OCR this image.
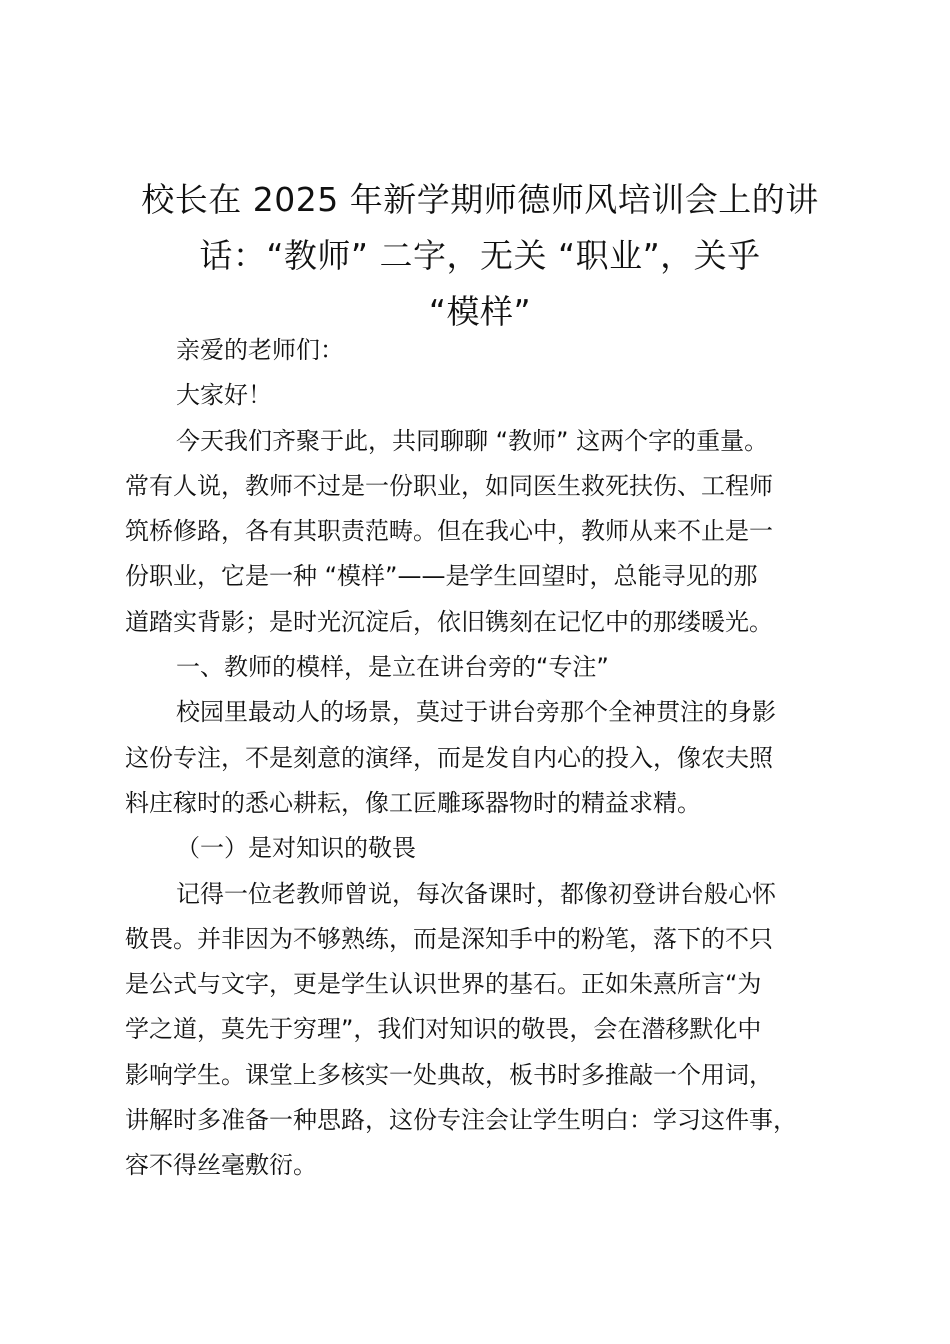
校长在 2025 年新学期师德师风培训会上的讲
话：“教师” 二字，无关 “职业”，关乎
“模样”
亲爱的老师们：
大家好！
今天我们齐聚于此，共同聊聊 “教师” 这两个字的重量。
常有人说，教师不过是一份职业，如同医生救死扶伤、工程师
筑桥修路，各有其职责范畴。但在我心中，教师从来不止是一
份职业，它是一种 “模样”——是学生回望时，总能寻见的那
道踏实背影；是时光沉淀后，依旧镌刻在记忆中的那缕暖光。
一、教师的模样，是立在讲台旁的“专注”
校园里最动人的场景，莫过于讲台旁那个全神贯注的身影
这份专注，不是刻意的演绎，而是发自内心的投入，像农夫照
料庄稼时的悉心耕耘，像工匠雕琢器物时的精益求精。
（一）是对知识的敬畏
记得一位老教师曾说，每次备课时，都像初登讲台般心怀
敬畏。并非因为不够熟练，而是深知手中的粉笔，落下的不只
是公式与文字，更是学生认识世界的基石。正如朱熹所言“为
学之道，莫先于穷理”，我们对知识的敬畏，会在潜移默化中
影响学生。课堂上多核实一处典故，板书时多推敲一个用词，
讲解时多准备一种思路，这份专注会让学生明白：学习这件事，
容不得丝毫敷衍。
